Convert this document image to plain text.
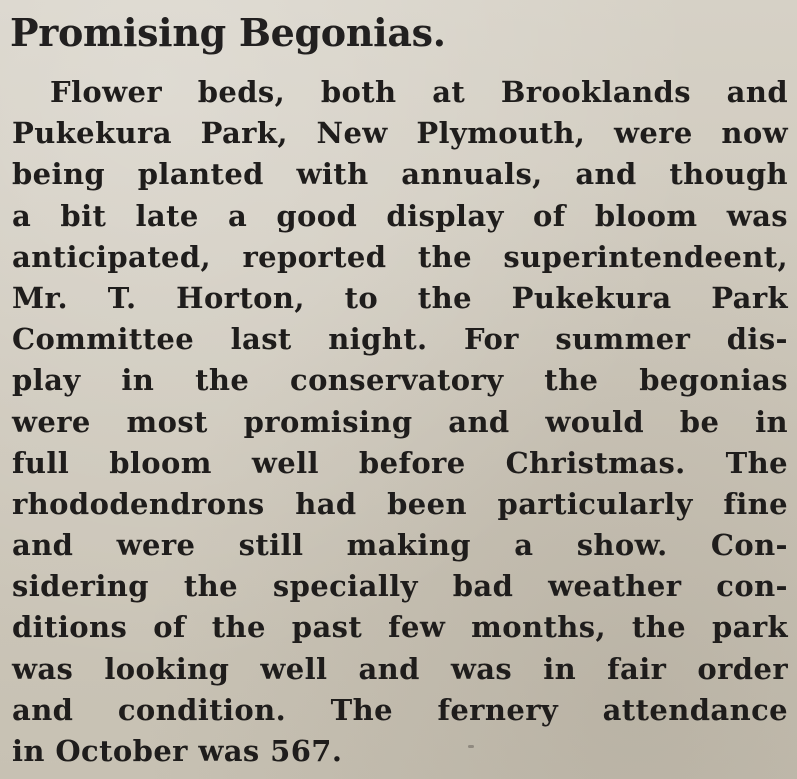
Promising Begonias.
Flower beds, both at Brooklands and
Pukekura Park, New Plymouth, were now
being planted with annuals, and though
a bit late a good display of bloom was
anticipated, reported the superintendeent,
Mr. T. Horton, to the Pukekura Park
Committee last night. For summer dis-
play in the conservatory the begonias
were most promising and would be in
full bloom well before Christmas. The
rhododendrons had been particularly fine
and were still making a show. Con-
sidering the specially bad weather con-
ditions of the past few months, the park
was looking well and was in fair order
and condition. The fernery attendance
in October was 567.
